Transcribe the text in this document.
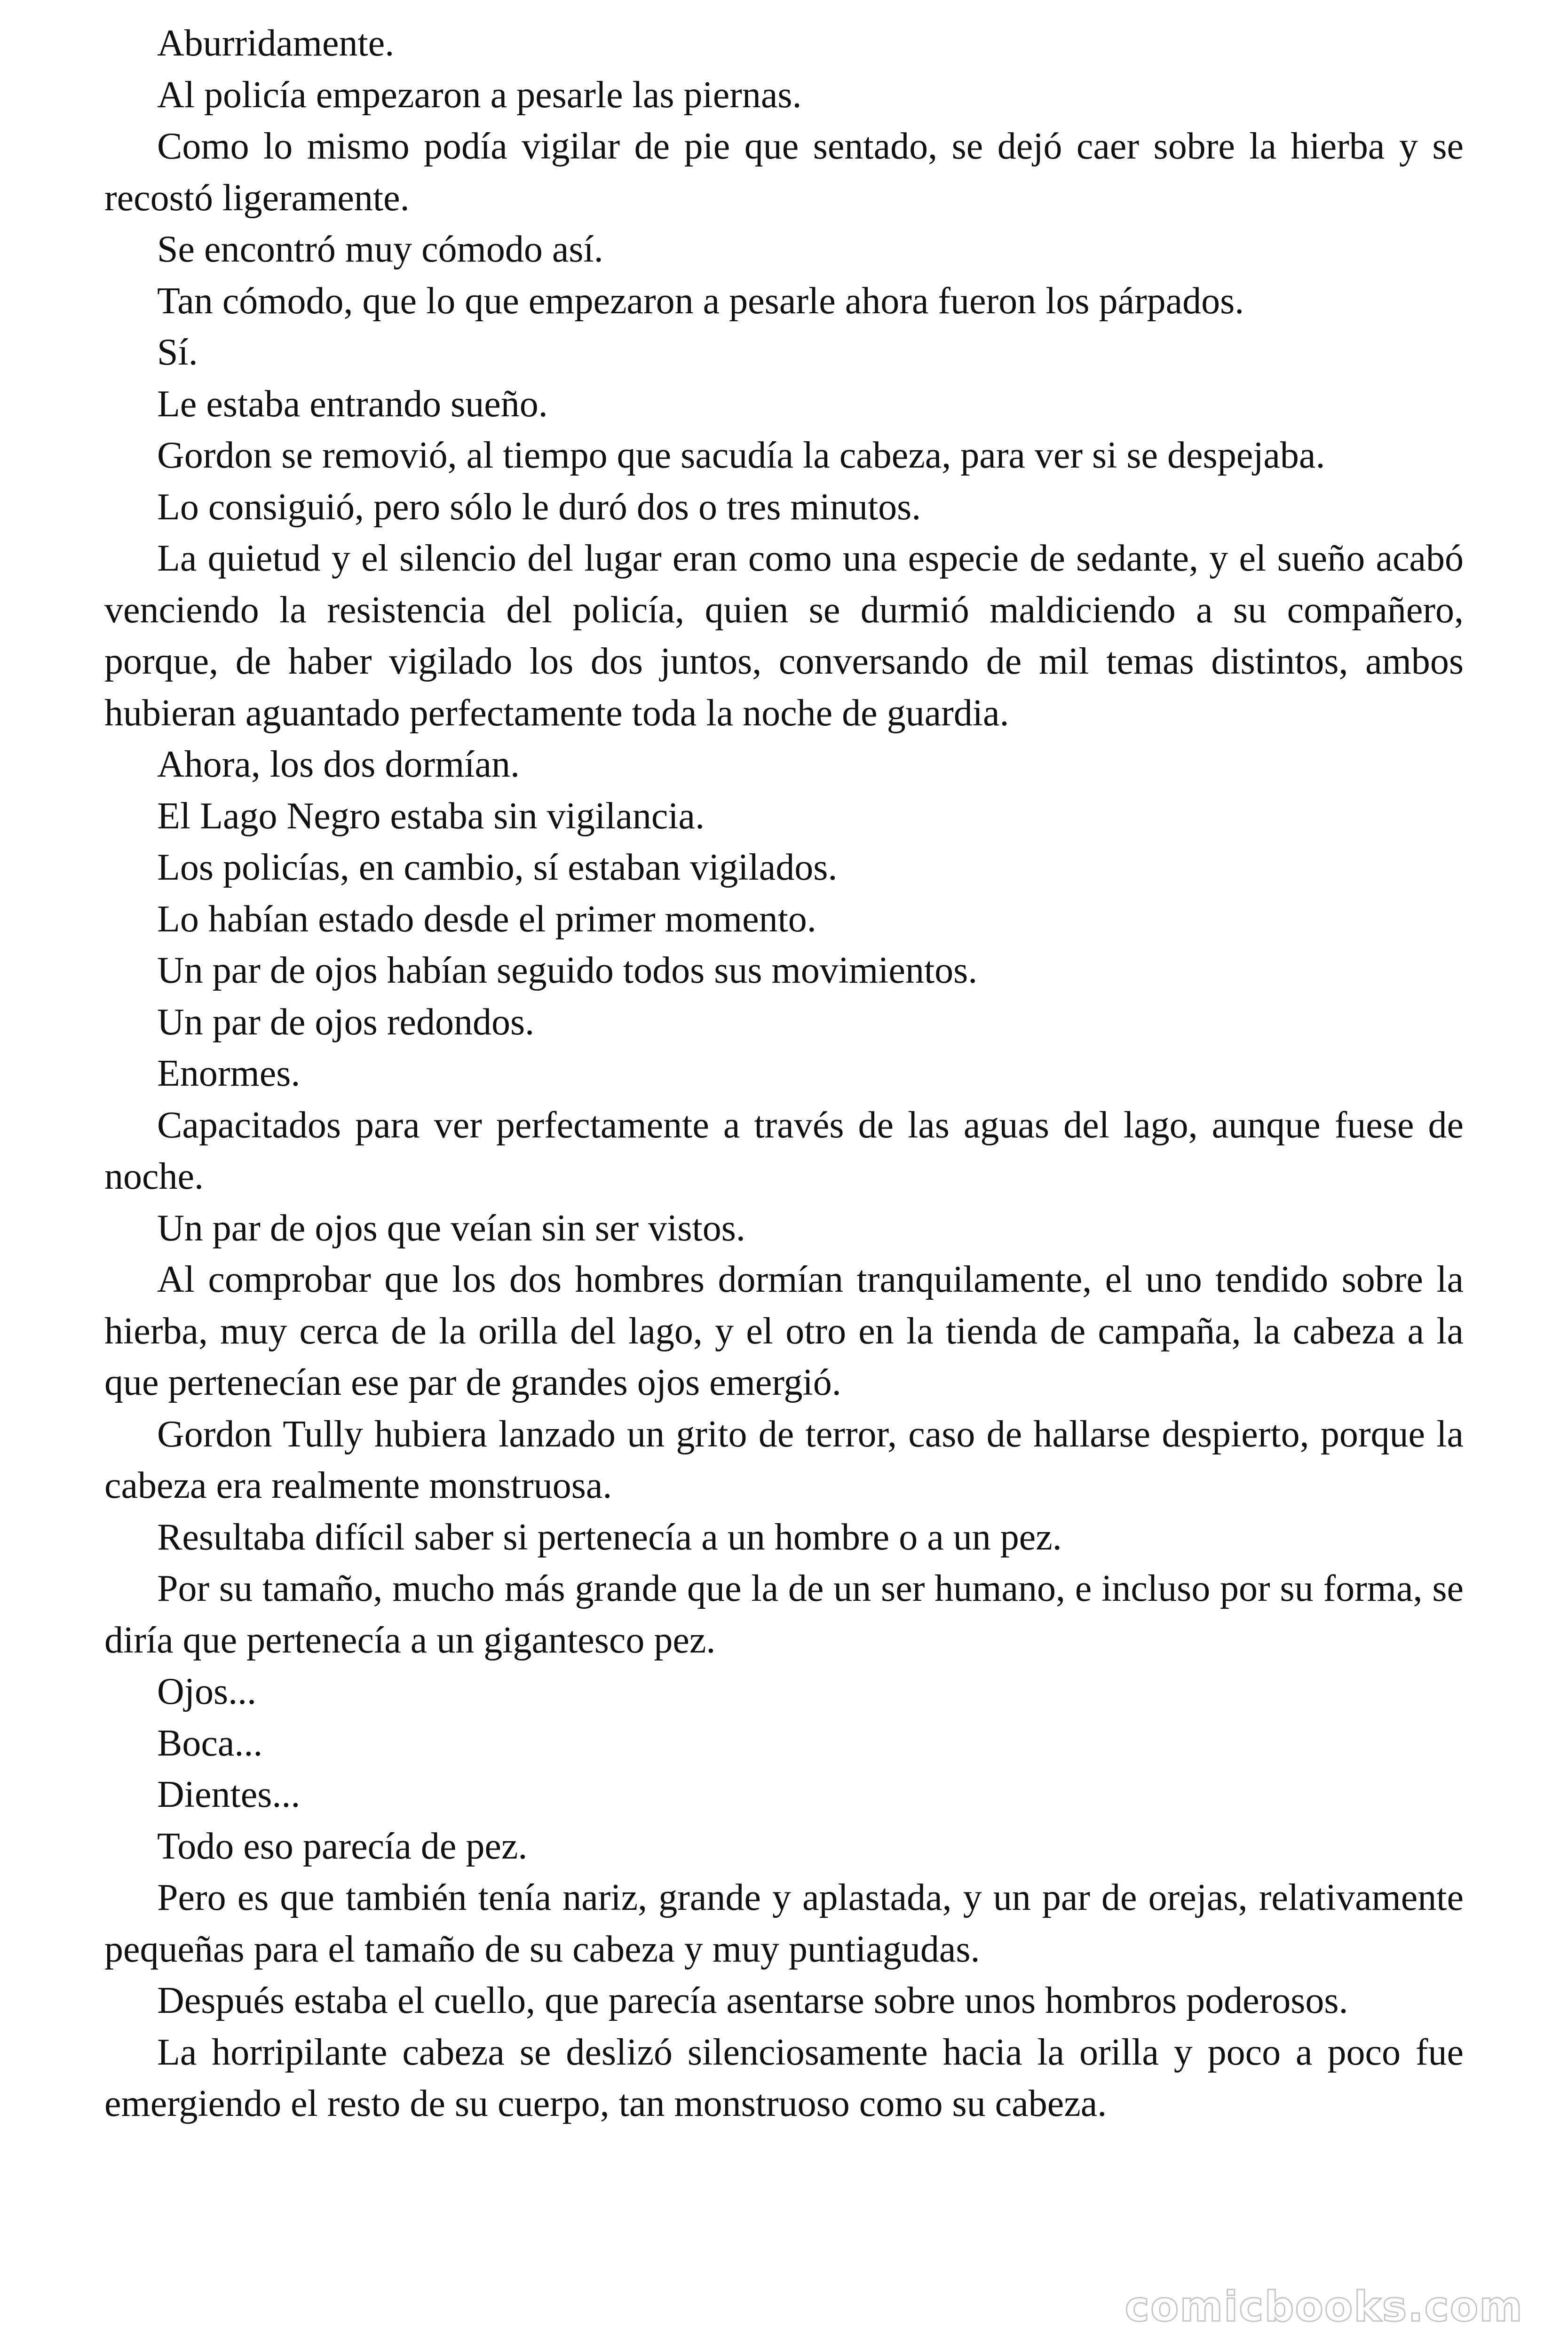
Aburridamente.

Al policía empezaron a pesarle las piernas.

Como lo mismo podía vigilar de pie que sentado, se dejó caer sobre la hierba y se recostó ligeramente.

Se encontró muy cómodo así.

Tan cómodo, que lo que empezaron a pesarle ahora fueron los párpados.

Sí.

Le estaba entrando sueño.

Gordon se removió, al tiempo que sacudía la cabeza, para ver si se despejaba.

Lo consiguió, pero sólo le duró dos o tres minutos.

La quietud y el silencio del lugar eran como una especie de sedante, y el sueño acabó venciendo la resistencia del policía, quien se durmió maldiciendo a su compañero, porque, de haber vigilado los dos juntos, conversando de mil temas distintos, ambos hubieran aguantado perfectamente toda la noche de guardia.

Ahora, los dos dormían.

El Lago Negro estaba sin vigilancia.

Los policías, en cambio, sí estaban vigilados.

Lo habían estado desde el primer momento.

Un par de ojos habían seguido todos sus movimientos.

Un par de ojos redondos.

Enormes.

Capacitados para ver perfectamente a través de las aguas del lago, aunque fuese de noche.

Un par de ojos que veían sin ser vistos.

Al comprobar que los dos hombres dormían tranquilamente, el uno tendido sobre la hierba, muy cerca de la orilla del lago, y el otro en la tienda de campaña, la cabeza a la que pertenecían ese par de grandes ojos emergió.

Gordon Tully hubiera lanzado un grito de terror, caso de hallarse despierto, porque la cabeza era realmente monstruosa.

Resultaba difícil saber si pertenecía a un hombre o a un pez.

Por su tamaño, mucho más grande que la de un ser humano, e incluso por su forma, se diría que pertenecía a un gigantesco pez.

Ojos...

Boca...

Dientes...

Todo eso parecía de pez.

Pero es que también tenía nariz, grande y aplastada, y un par de orejas, relativamente pequeñas para el tamaño de su cabeza y muy puntiagudas.

Después estaba el cuello, que parecía asentarse sobre unos hombros poderosos.

La horripilante cabeza se deslizó silenciosamente hacia la orilla y poco a poco fue emergiendo el resto de su cuerpo, tan monstruoso como su cabeza.

comicbooks.com
